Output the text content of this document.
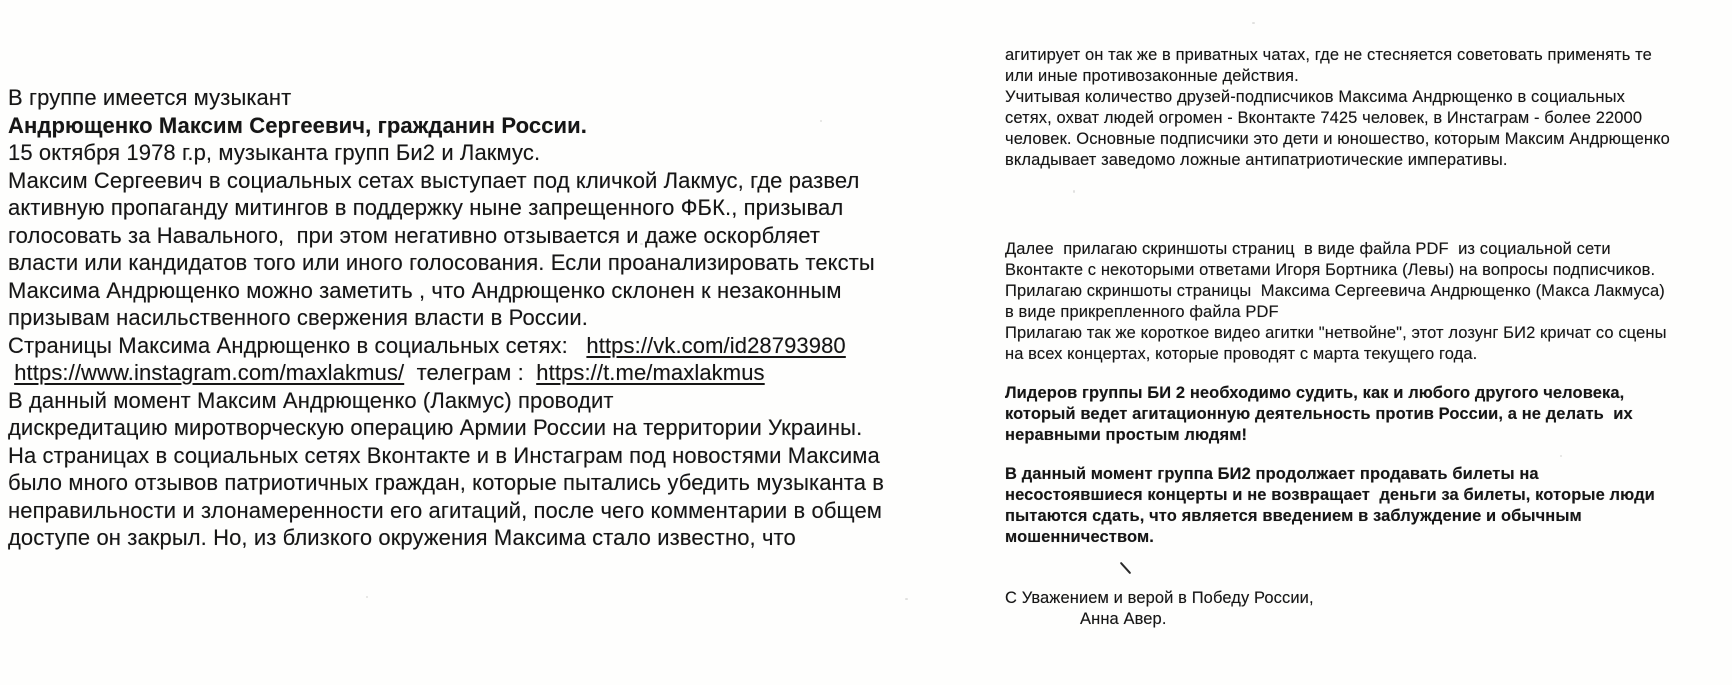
В группе имеется музыкант
Андрющенко Максим Сергеевич, гражданин России.
15 октября 1978 г.р, музыканта групп Би2 и Лакмус.
Максим Сергеевич в социальных сетах выступает под кличкой Лакмус, где развел
активную пропаганду митингов в поддержку ныне запрещенного ФБК., призывал
голосовать за Навального,  при этом негативно отзывается и даже оскорбляет
власти или кандидатов того или иного голосования. Если проанализировать тексты
Максима Андрющенко можно заметить , что Андрющенко склонен к незаконным
призывам насильственного свержения власти в России.
Страницы Максима Андрющенко в социальных сетях:   https://vk.com/id28793980
https://www.instagram.com/maxlakmus/  телеграм :  https://t.me/maxlakmus
В данный момент Максим Андрющенко (Лакмус) проводит
дискредитацию миротворческую операцию Армии России на территории Украины.
На страницах в социальных сетях Вконтакте и в Инстаграм под новостями Максима
было много отзывов патриотичных граждан, которые пытались убедить музыканта в
неправильности и злонамеренности его агитаций, после чего комментарии в общем
доступе он закрыл. Но, из близкого окружения Максима стало известно, что
агитирует он так же в приватных чатах, где не стесняется советовать применять те
или иные противозаконные действия.
Учитывая количество друзей-подписчиков Максима Андрющенко в социальных
сетях, охват людей огромен - Вконтакте 7425 человек, в Инстаграм - более 22000
человек. Основные подписчики это дети и юношество, которым Максим Андрющенко
вкладывает заведомо ложные антипатриотические императивы.
Далее  прилагаю скриншоты страниц  в виде файла PDF  из социальной сети
Вконтакте с некоторыми ответами Игоря Бортника (Левы) на вопросы подписчиков.
Прилагаю скриншоты страницы  Максима Сергеевича Андрющенко (Макса Лакмуса)
в виде прикрепленного файла PDF
Прилагаю так же короткое видео агитки "нетвойне", этот лозунг БИ2 кричат со сцены
на всех концертах, которые проводят с марта текущего года.
Лидеров группы БИ 2 необходимо судить, как и любого другого человека,
который ведет агитационную деятельность против России, а не делать  их
неравными простым людям!
В данный момент группа БИ2 продолжает продавать билеты на
несостоявшиеся концерты и не возвращает  деньги за билеты, которые люди
пытаются сдать, что является введением в заблуждение и обычным
мошенничеством.
С Уважением и верой в Победу России,
Анна Авер.
